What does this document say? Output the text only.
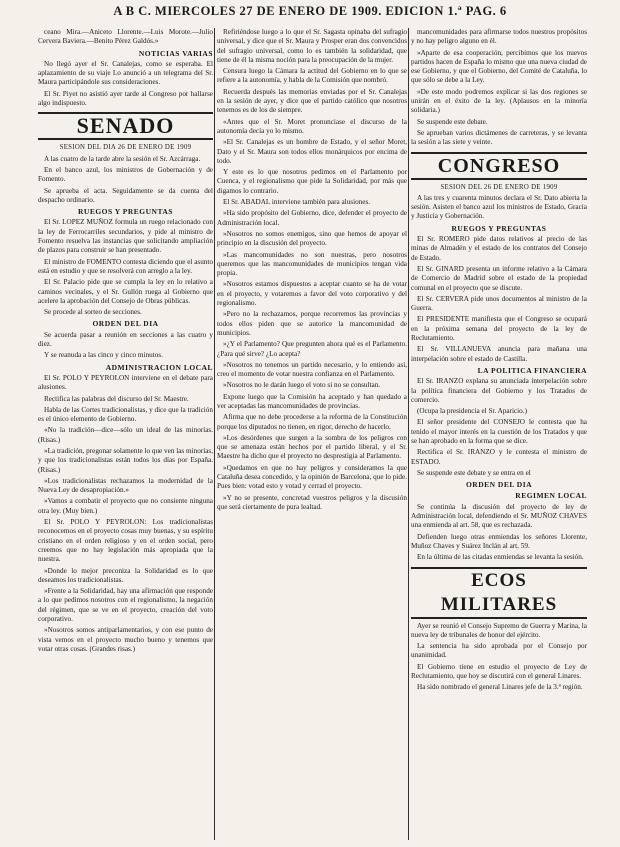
A B C. MIERCOLES 27 DE ENERO DE 1909. EDICION 1.ª PAG. 6

ceano Mira.—Aniceto Llorente.—Luis Morote.—Julio Cervera Baviera.—Benito Pérez Galdós.»

NOTICIAS VARIAS

No llegó ayer el Sr. Canalejas, como se esperaba. El aplazamiento de su viaje Lo anunció a un telegrama del Sr. Maura participándole sus consideraciones.

El Sr. Piyet no asistió ayer tarde al Congreso por hallarse algo indispuesto.

SENADO
SESION DEL DIA 26 DE ENERO DE 1909

A las cuatro de la tarde abre la sesión el Sr. Azcárraga.

En el banco azul, los ministros de Gobernación y de Fomento.

Se aprueba el acta. Seguidamente se da cuenta del despacho ordinario.

RUEGOS Y PREGUNTAS

El Sr. LOPEZ MUÑOZ formula un ruego relacionado con la ley de Ferrocarriles secundarios, y pide al ministro de Fomento resuelva las instancias que solicitando ampliación de plazos para construir se han presentado.

El ministro de FOMENTO contesta diciendo que el asunto está en estudio y que se resolverá con arreglo a la ley.

El Sr. Palacio pide que se cumpla la ley en lo relativo a caminos vecinales, y el Sr. Gullón ruega al Gobierno que acelere la aprobación del Consejo de Obras públicas.

Se procede al sorteo de secciones.

ORDEN DEL DIA

Se acuerda pasar a reunión en secciones a las cuatro y diez.

Y se reanuda a las cinco y cinco minutos.

ADMINISTRACION LOCAL

El Sr. POLO Y PEYROLON interviene en el debate para alusiones.

Rectifica las palabras del discurso del Sr. Maestre.

Habla de las Cortes tradicionalistas, y dice que la tradición es el único elemento de Gobierno.

«No la tradición—dice—sólo un ideal de las minorías. (Risas.)

»La tradición, pregonar solamente lo que ven las minorías, y que los tradicionalistas están todos los días por España. (Risas.)

»Los tradicionalistas rechazamos la modernidad de la Nueva Ley de desapropiación.»

»Vamos a combatir el proyecto que no consiente ninguna otra ley. (Muy bien.)

El Sr. POLO Y PEYROLON: Los tradicionalistas reconocemos en el proyecto cosas muy buenas, y su espíritu cristiano en el orden religioso y en el orden social, pero creemos que no hay legislación más apropiada que la nuestra.

»Donde lo mejor preconiza la Solidaridad es lo que deseamos los tradicionalistas.

»Frente a la Solidaridad, hay una afirmación que responde a lo que pedimos nosotros con el regionalismo, la negación del régimen, que se ve en el proyecto, creación del voto corporativo.

»Nosotros somos antiparlamentarios, y con ese punto de vista vemos en el proyecto mucho bueno y tenemos que votar otras cosas. (Grandes risas.)

Refiriéndose luego a lo que el Sr. Sagasta opinaba del sufragio universal, y dice que el Sr. Maura y Prosper eran dos convencidos del sufragio universal, como lo es también la solidaridad, que tiene de él la misma noción para la preocupación de la mujer.

Censura luego la Cámara la actitud del Gobierno en lo que se refiere a la autonomía, y habla de la Comisión que nombró.

Recuerda después las memorias enviadas por el Sr. Canalejas en la sesión de ayer, y dice que el partido católico que nosotros tenemos es de los de siempre.

«Antes que el Sr. Moret pronunciase el discurso de la autonomía decía yo lo mismo.

»El Sr. Canalejas es un hombre de Estado, y el señor Moret, Dato y el Sr. Maura son todos ellos monárquicos por encima de todo.

Y este es lo que nosotros pedimos en el Parlamento por Cuenca, y el regionalismo que pide la Solidaridad, por más que digamos lo contrario.

El Sr. ABADAL interviene también para alusiones.

»Ha sido propósito del Gobierno, dice, defender el proyecto de Administración local.

»Nosotros no somos enemigos, sino que hemos de apoyar el principio en la discusión del proyecto.

»Las mancomunidades no son nuestras, pero nosotros queremos que las mancomunidades de municipios tengan vida propia.

»Nosotros estamos dispuestos a aceptar cuanto se ha de votar en el proyecto, y votaremos a favor del voto corporativo y del regionalismo.

»Pero no la rechazamos, porque recorremos las provincias y todos ellos piden que se autorice la mancomunidad de municipios.

»¿Y el Parlamento? Que pregunten ahora qué es el Parlamento. ¿Para qué sirve? ¿Lo acepta?

»Nosotros no tenemos un partido necesario, y lo entiendo así, creo el momento de votar nuestra confianza en el Parlamento.

»Nosotros no le darán luego el voto si no se consultan.

Expone luego que la Comisión ha aceptado y han quedado a ver aceptadas las mancomunidades de provincias.

Afirma que no debe procederse a la reforma de la Constitución porque los diputados no tienen, en rigor, derecho de hacerlo.

»Los desórdenes que surgen a la sombra de los peligros con que se amenaza están hechos por el partido liberal, y el Sr. Maestre ha dicho que el proyecto no desprestigia al Parlamento.

»Quedamos en que no hay peligros y consideramos la que Cataluña desea concedido, y la opinión de Barcelona, que lo pide. Pues bien: votad esto y votad y cerrad el proyecto.

»Y no se presente, concretad vuestros peligros y la discusión que será ciertamente de pura lealtad.

mancomunidades para afirmarse todos nuestros propósitos y no hay peligro alguno en él.

»Aparte de esa cooperación, percibimos que los nuevos partidos hacen de España lo mismo que una nueva ciudad de ese Gobierno, y que el Gobierno, del Comité de Cataluña, lo que sólo se debe a la Ley.

»De este modo podremos explicar si las dos regiones se unirán en el éxito de la ley. (Aplausos en la minoría solidaria.)

Se suspende este debate.

Se aprueban varios dictámenes de carreteras, y se levanta la sesión a las siete y veinte.

CONGRESO
SESION DEL 26 DE ENERO DE 1909

A las tres y cuarenta minutos declara el Sr. Dato abierta la sesión. Asisten el banco azul los ministros de Estado, Gracia y Justicia y Gobernación.

RUEGOS Y PREGUNTAS

El Sr. ROMERO pide datos relativos al precio de las minas de Almadén y el estado de los contratos del Consejo de Estado.

El Sr. GINARD presenta un informe relativo a la Cámara de Comercio de Madrid sobre el estado de la propiedad comunal en el proyecto que se discute.

El Sr. CERVERA pide unos documentos al ministro de la Guerra.

El PRESIDENTE manifiesta que el Congreso se ocupará en la próxima semana del proyecto de la ley de Reclutamiento.

El Sr. VILLANUEVA anuncia para mañana una interpelación sobre el estado de Castilla.

LA POLITICA FINANCIERA

El Sr. IRANZO explana su anunciada interpelación sobre la política financiera del Gobierno y los Tratados de comercio.

(Ocupa la presidencia el Sr. Aparicio.)

El señor presidente del CONSEJO le contesta que ha tenido el mayor interés en la cuestión de los Tratados y que se han aprobado en la forma que se dice.

Rectifica el Sr. IRANZO y le contesta el ministro de ESTADO.

Se suspende este debate y se entra en el

ORDEN DEL DIA
REGIMEN LOCAL

Se continúa la discusión del proyecto de ley de Administración local, defendiendo el Sr. MUÑOZ CHAVES una enmienda al art. 58, que es rechazada.

Defienden luego otras enmiendas los señores Llorente, Muñoz Chaves y Suárez Inclán al art. 59.

En la última de las citadas enmiendas se levanta la sesión.

ECOS MILITARES

Ayer se reunió el Consejo Supremo de Guerra y Marina, la nueva ley de tribunales de honor del ejército.

La sentencia ha sido aprobada por el Consejo por unanimidad.

El Gobierno tiene en estudio el proyecto de Ley de Reclutamiento, que hoy se discutirá con el general Linares.

Ha sido nombrado el general Linares jefe de la 3.ª región.
